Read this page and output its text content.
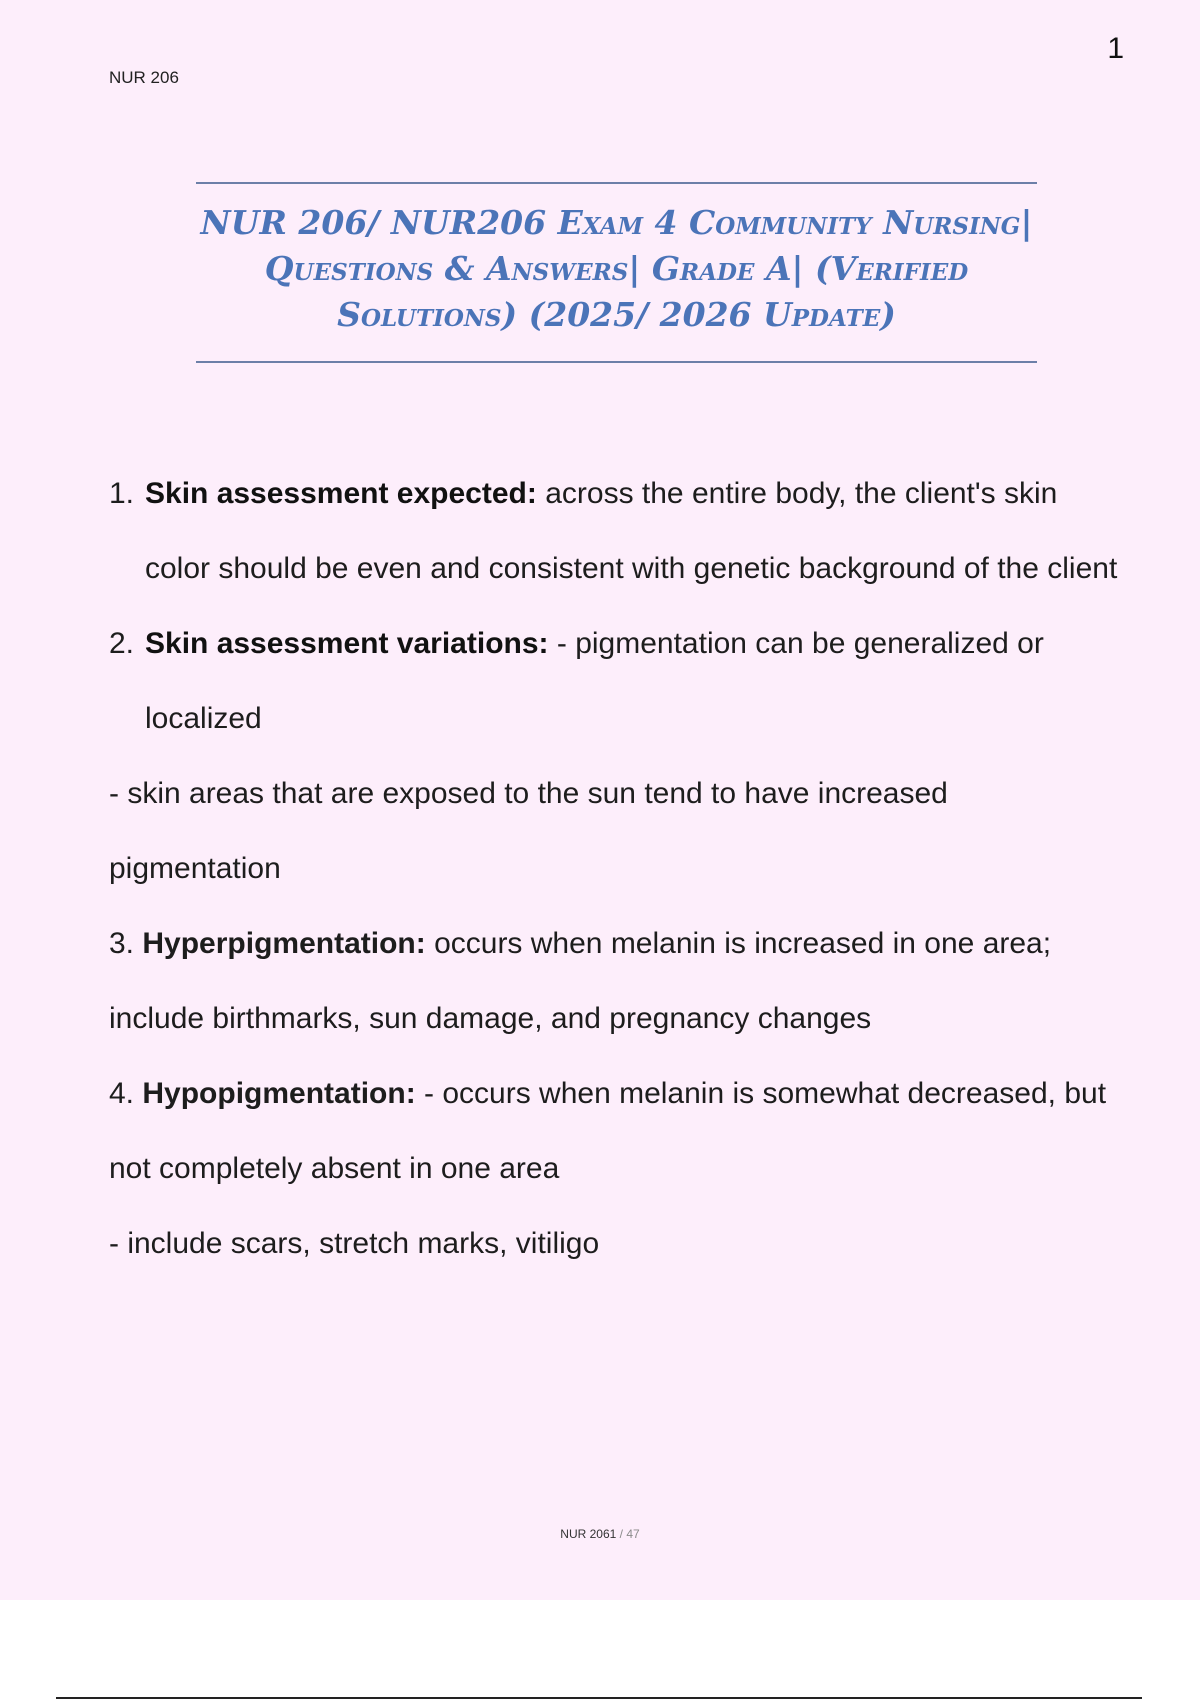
NUR 206
1
NUR 206/ NUR206 Exam 4 Community Nursing|
Questions & Answers| Grade A| (Verified
Solutions) (2025/ 2026 Update)

1. Skin assessment expected: across the entire body, the client's skin color should be even and consistent with genetic background of the client

2. Skin assessment variations: - pigmentation can be generalized or localized

- skin areas that are exposed to the sun tend to have increased pigmentation

3. Hyperpigmentation: occurs when melanin is increased in one area; include birthmarks, sun damage, and pregnancy changes

4. Hypopigmentation: - occurs when melanin is somewhat decreased, but not completely absent in one area

- include scars, stretch marks, vitiligo

NUR 2061 / 47
